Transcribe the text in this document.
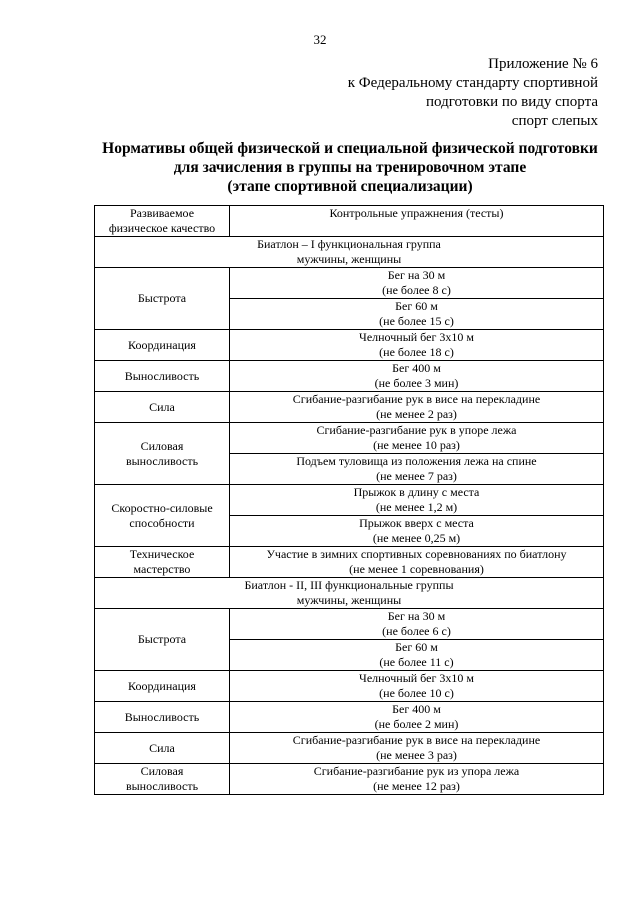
32
Приложение № 6
к Федеральному стандарту спортивной
подготовки по виду спорта
спорт слепых
Нормативы общей физической и специальной физической подготовки
для зачисления в группы на тренировочном этапе
(этапе спортивной специализации)
Развиваемое
физическое качество	Контрольные упражнения (тесты)
Биатлон – I функциональная группа
мужчины, женщины	
Быстрота	Бег на 30 м
(не более 8 с)
	Бег 60 м
(не более 15 с)
Координация	Челночный бег 3х10 м
(не более 18 с)
Выносливость	Бег 400 м
(не более 3 мин)
Сила	Сгибание-разгибание рук в висе на перекладине
(не менее 2 раз)
Силовая
выносливость	Сгибание-разгибание рук в упоре лежа
(не менее 10 раз)
	Подъем туловища из положения лежа на спине
(не менее 7 раз)
Скоростно-силовые
способности	Прыжок в длину с места
(не менее 1,2 м)
	Прыжок вверх с места
(не менее 0,25 м)
Техническое
мастерство	Участие в зимних спортивных соревнованиях по биатлону
(не менее 1 соревнования)
Биатлон - II, III функциональные группы
мужчины, женщины	
Быстрота	Бег на 30 м
(не более 6 с)
	Бег 60 м
(не более 11 с)
Координация	Челночный бег 3х10 м
(не более 10 с)
Выносливость	Бег 400 м
(не более 2 мин)
Сила	Сгибание-разгибание рук в висе на перекладине
(не менее 3 раз)
Силовая
выносливость	Сгибание-разгибание рук из упора лежа
(не менее 12 раз)
